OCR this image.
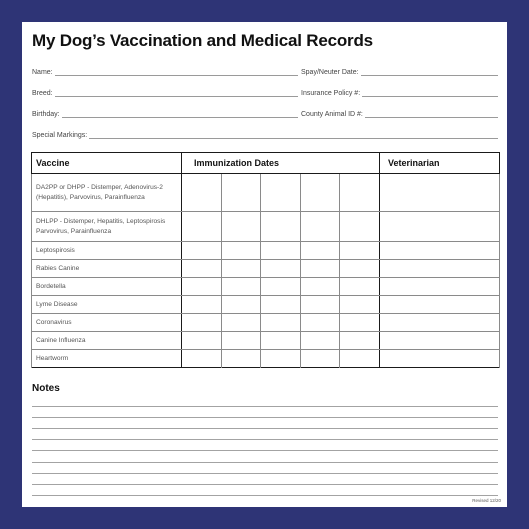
My Dog’s Vaccination and Medical Records
Name:	Spay/Neuter Date:
Breed:	Insurance Policy #:
Birthday:	County Animal ID #:
Special Markings:
Vaccine	Immunization Dates					Veterinarian
DA2PP or DHPP - Distemper, Adenovirus-2 (Hepatitis), Parvovirus, Parainfluenza						
DHLPP - Distemper, Hepatitis, Leptospirosis Parvovirus, Parainfluenza						
Leptospirosis						
Rabies Canine						
Bordetella						
Lyme Disease						
Coronavirus						
Canine Influenza						
Heartworm						
Notes
Revised 12/20
